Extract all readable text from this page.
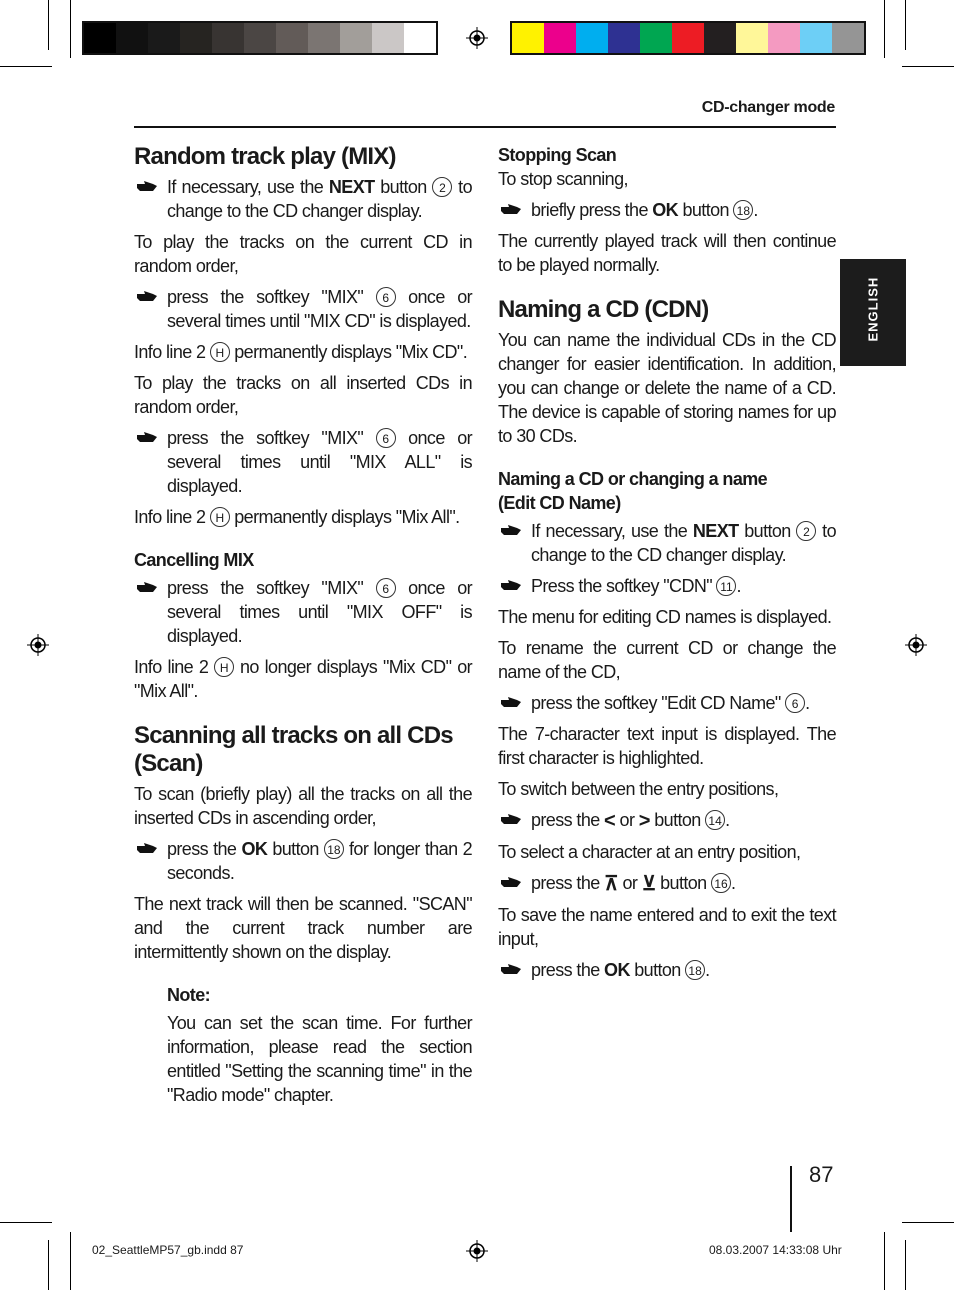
CD-changer mode
ENGLISH
Random track play (MIX)
If necessary, use the NEXT button 2 to change to the CD changer display.

To play the tracks on the current CD in random order,

press the softkey "MIX" 6 once or several times until "MIX CD" is displayed.

Info line 2 H permanently displays "Mix CD".

To play the tracks on all inserted CDs in random order,

press the softkey "MIX" 6 once or several times until "MIX ALL" is displayed.

Info line 2 H permanently displays "Mix All".

Cancelling MIX
press the softkey "MIX" 6 once or several times until "MIX OFF" is displayed.

Info line 2 H no longer displays "Mix CD" or "Mix All".

Scanning all tracks on all CDs (Scan)

To scan (briefly play) all the tracks on all the inserted CDs in ascending order,

press the OK button 18 for longer than 2 seconds.

The next track will then be scanned. "SCAN" and the current track number are intermittently shown on the display.

Note:

You can set the scan time. For further information, please read the section entitled "Setting the scanning time" in the "Radio mode" chapter.

Stopping Scan

To stop scanning,

briefly press the OK button 18 .

The currently played track will then continue to be played normally.

Naming a CD (CDN)

You can name the individual CDs in the CD changer for easier identification. In addition, you can change or delete the name of a CD. The device is capable of storing names for up to 30 CDs.

Naming a CD or changing a name
(Edit CD Name)
If necessary, use the NEXT button 2 to change to the CD changer display.
Press the softkey "CDN" 11 .

The menu for editing CD names is displayed.

To rename the current CD or change the name of the CD,

press the softkey "Edit CD Name" 6 .

The 7-character text input is displayed. The first character is highlighted.

To switch between the entry positions,

press the < or > button 14 .

To select a character at an entry position,

press the ⊼ or ⊻ button 16 .

To save the name entered and to exit the text input,

press the OK button 18 .
87
02_SeattleMP57_gb.indd 87	08.03.2007 14:33:08 Uhr
